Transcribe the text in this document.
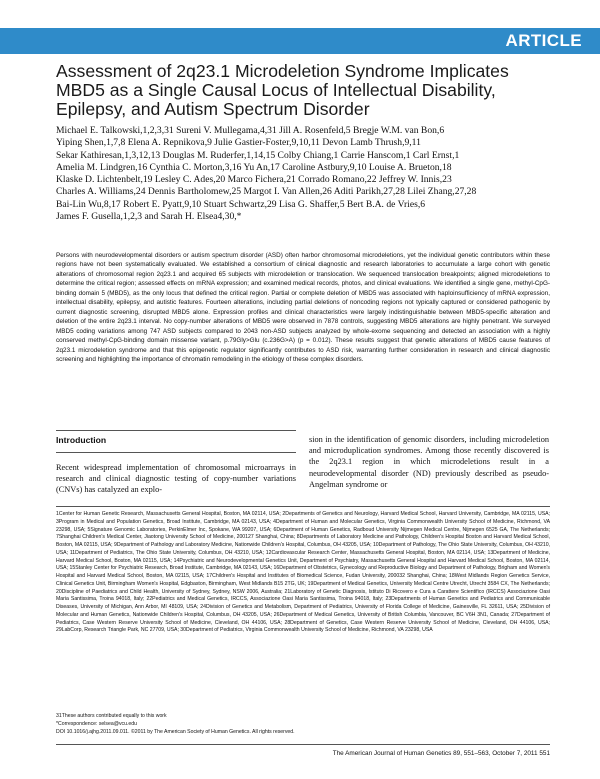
ARTICLE
Assessment of 2q23.1 Microdeletion Syndrome Implicates MBD5 as a Single Causal Locus of Intellectual Disability, Epilepsy, and Autism Spectrum Disorder

Michael E. Talkowski,1,2,3,31 Sureni V. Mullegama,4,31 Jill A. Rosenfeld,5 Bregje W.M. van Bon,6

Yiping Shen,1,7,8 Elena A. Repnikova,9 Julie Gastier-Foster,9,10,11 Devon Lamb Thrush,9,11

Sekar Kathiresan,1,3,12,13 Douglas M. Ruderfer,1,14,15 Colby Chiang,1 Carrie Hanscom,1 Carl Ernst,1

Amelia M. Lindgren,16 Cynthia C. Morton,3,16 Yu An,17 Caroline Astbury,9,10 Louise A. Brueton,18

Klaske D. Lichtenbelt,19 Lesley C. Ades,20 Marco Fichera,21 Corrado Romano,22 Jeffrey W. Innis,23

Charles A. Williams,24 Dennis Bartholomew,25 Margot I. Van Allen,26 Aditi Parikh,27,28 Lilei Zhang,27,28

Bai-Lin Wu,8,17 Robert E. Pyatt,9,10 Stuart Schwartz,29 Lisa G. Shaffer,5 Bert B.A. de Vries,6

James F. Gusella,1,2,3 and Sarah H. Elsea4,30,*

Persons with neurodevelopmental disorders or autism spectrum disorder (ASD) often harbor chromosomal microdeletions, yet the individual genetic contributors within these regions have not been systematically evaluated. We established a consortium of clinical diagnostic and research laboratories to accumulate a large cohort with genetic alterations of chromosomal region 2q23.1 and acquired 65 subjects with microdeletion or translocation. We sequenced translocation breakpoints; aligned microdeletions to determine the critical region; assessed effects on mRNA expression; and examined medical records, photos, and clinical evaluations. We identified a single gene, methyl-CpG-binding domain 5 (MBD5), as the only locus that defined the critical region. Partial or complete deletion of MBD5 was associated with haploinsufficiency of mRNA expression, intellectual disability, epilepsy, and autistic features. Fourteen alterations, including partial deletions of noncoding regions not typically captured or considered pathogenic by current diagnostic screening, disrupted MBD5 alone. Expression profiles and clinical characteristics were largely indistinguishable between MBD5-specific alteration and deletion of the entire 2q23.1 interval. No copy-number alterations of MBD5 were observed in 7878 controls, suggesting MBD5 alterations are highly penetrant. We surveyed MBD5 coding variations among 747 ASD subjects compared to 2043 non-ASD subjects analyzed by whole-exome sequencing and detected an association with a highly conserved methyl-CpG-binding domain missense variant, p.79Gly>Glu (c.236G>A) (p = 0.012). These results suggest that genetic alterations of MBD5 cause features of 2q23.1 microdeletion syndrome and that this epigenetic regulator significantly contributes to ASD risk, warranting further consideration in research and clinical diagnostic screening and highlighting the importance of chromatin remodeling in the etiology of these complex disorders.

Introduction

Recent widespread implementation of chromosomal microarrays in research and clinical diagnostic testing of copy-number variations (CNVs) has catalyzed an explo-

sion in the identification of genomic disorders, including microdeletion and microduplication syndromes. Among those recently discovered is the 2q23.1 region in which microdeletions result in a neurodevelopmental disorder (ND) previously described as pseudo-Angelman syndrome or

1Center for Human Genetic Research, Massachusetts General Hospital, Boston, MA 02114, USA; 2Departments of Genetics and Neurology, Harvard Medical School, Harvard University, Cambridge, MA 02115, USA; 3Program in Medical and Population Genetics, Broad Institute, Cambridge, MA 02143, USA; 4Department of Human and Molecular Genetics, Virginia Commonwealth University School of Medicine, Richmond, VA 23298, USA; 5Signature Genomic Laboratories, PerkinElmer Inc, Spokane, WA 99207, USA; 6Department of Human Genetics, Radboud University Nijmegen Medical Centre, Nijmegen 6525 GA, The Netherlands; 7Shanghai Children's Medical Center, Jiaotong University School of Medicine, 200127 Shanghai, China; 8Departments of Laboratory Medicine and Pathology, Children's Hospital Boston and Harvard Medical School, Boston, MA 02115, USA; 9Department of Pathology and Laboratory Medicine, Nationwide Children's Hospital, Columbus, OH 43205, USA; 10Department of Pathology, The Ohio State University, Columbus, OH 43210, USA; 11Department of Pediatrics, The Ohio State University, Columbus, OH 43210, USA; 12Cardiovascular Research Center, Massachusetts General Hospital, Boston, MA 02114, USA; 13Department of Medicine, Harvard Medical School, Boston, MA 02115, USA; 14Psychiatric and Neurodevelopmental Genetics Unit, Department of Psychiatry, Massachusetts General Hospital and Harvard Medical School, Boston, MA 02114, USA; 15Stanley Center for Psychiatric Research, Broad Institute, Cambridge, MA 02143, USA; 16Department of Obstetrics, Gynecology and Reproductive Biology and Department of Pathology, Brigham and Women's Hospital and Harvard Medical School, Boston, MA 02115, USA; 17Children's Hospital and Institutes of Biomedical Science, Fudan University, 200032 Shanghai, China; 18West Midlands Region Genetics Service, Clinical Genetics Unit, Birmingham Women's Hospital, Edgbaston, Birmingham, West Midlands B15 2TG, UK; 19Department of Medical Genetics, University Medical Centre Utrecht, Utrecht 3584 CX, The Netherlands; 20Discipline of Paediatrics and Child Health, University of Sydney, Sydney, NSW 2006, Australia; 21Laboratory of Genetic Diagnosis, Istituto Di Ricovero e Cura a Carattere Scientifico (IRCCS) Associazione Oasi Maria Santissima, Troina 94018, Italy; 22Pediatrics and Medical Genetics, IRCCS, Associazione Oasi Maria Santissima, Troina 94018, Italy; 23Departments of Human Genetics and Pediatrics and Communicable Diseases, University of Michigan, Ann Arbor, MI 48109, USA; 24Division of Genetics and Metabolism, Department of Pediatrics, University of Florida College of Medicine, Gainesville, FL 32611, USA; 25Division of Molecular and Human Genetics, Nationwide Children's Hospital, Columbus, OH 43205, USA; 26Department of Medical Genetics, University of British Columbia, Vancouver, BC V6H 3N1, Canada; 27Department of Pediatrics, Case Western Reserve University School of Medicine, Cleveland, OH 44106, USA; 28Department of Genetics, Case Western Reserve University School of Medicine, Cleveland, OH 44106, USA; 29LabCorp, Research Triangle Park, NC 27709, USA; 30Department of Pediatrics, Virginia Commonwealth University School of Medicine, Richmond, VA 23298, USA

31These authors contributed equally to this work

*Correspondence: selsea@vcu.edu

DOI 10.1016/j.ajhg.2011.09.011. ©2011 by The American Society of Human Genetics. All rights reserved.

The American Journal of Human Genetics 89, 551–563, October 7, 2011 551
